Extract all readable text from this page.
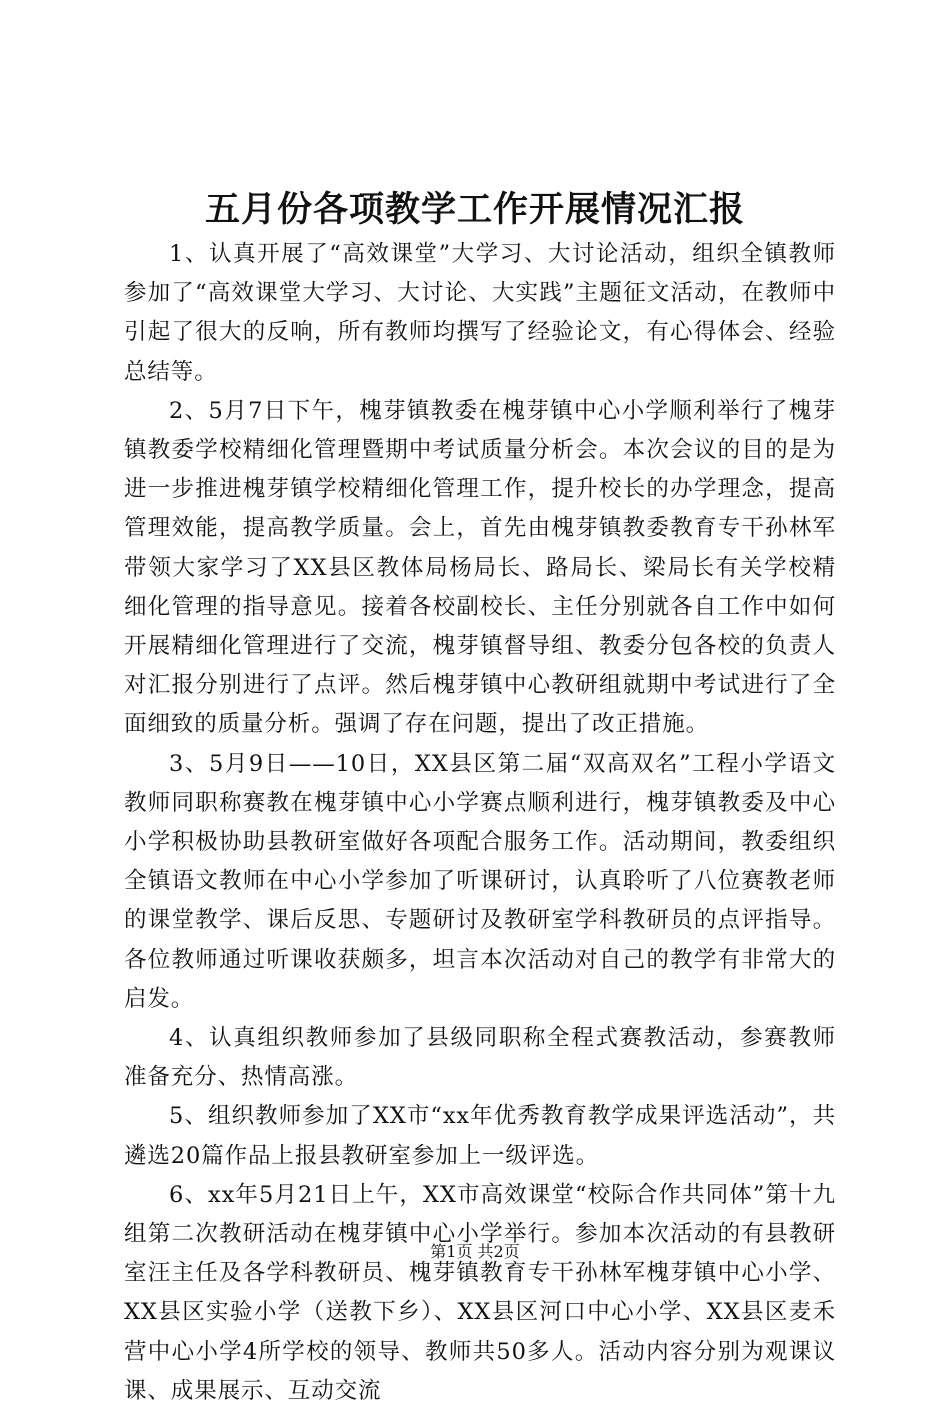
五月份各项教学工作开展情况汇报

1、认真开展了“高效课堂”大学习、大讨论活动，组织全镇教师参加了“高效课堂大学习、大讨论、大实践”主题征文活动，在教师中引起了很大的反响，所有教师均撰写了经验论文，有心得体会、经验总结等。

2、5月7日下午，槐芽镇教委在槐芽镇中心小学顺利举行了槐芽镇教委学校精细化管理暨期中考试质量分析会。本次会议的目的是为进一步推进槐芽镇学校精细化管理工作，提升校长的办学理念，提高管理效能，提高教学质量。会上，首先由槐芽镇教委教育专干孙林军带领大家学习了XX县区教体局杨局长、路局长、梁局长有关学校精细化管理的指导意见。接着各校副校长、主任分别就各自工作中如何开展精细化管理进行了交流，槐芽镇督导组、教委分包各校的负责人对汇报分别进行了点评。然后槐芽镇中心教研组就期中考试进行了全面细致的质量分析。强调了存在问题，提出了改正措施。

3、5月9日——10日，XX县区第二届“双高双名”工程小学语文教师同职称赛教在槐芽镇中心小学赛点顺利进行，槐芽镇教委及中心小学积极协助县教研室做好各项配合服务工作。活动期间，教委组织全镇语文教师在中心小学参加了听课研讨，认真聆听了八位赛教老师的课堂教学、课后反思、专题研讨及教研室学科教研员的点评指导。各位教师通过听课收获颇多，坦言本次活动对自己的教学有非常大的启发。

4、认真组织教师参加了县级同职称全程式赛教活动，参赛教师准备充分、热情高涨。

5、组织教师参加了XX市“xx年优秀教育教学成果评选活动”，共遴选20篇作品上报县教研室参加上一级评选。

6、xx年5月21日上午，XX市高效课堂“校际合作共同体”第十九组第二次教研活动在槐芽镇中心小学举行。参加本次活动的有县教研室汪主任及各学科教研员、槐芽镇教育专干孙林军槐芽镇中心小学、XX县区实验小学（送教下乡）、XX县区河口中心小学、XX县区麦禾营中心小学4所学校的领导、教师共50多人。活动内容分别为观课议课、成果展示、互动交流

第1页 共2页
